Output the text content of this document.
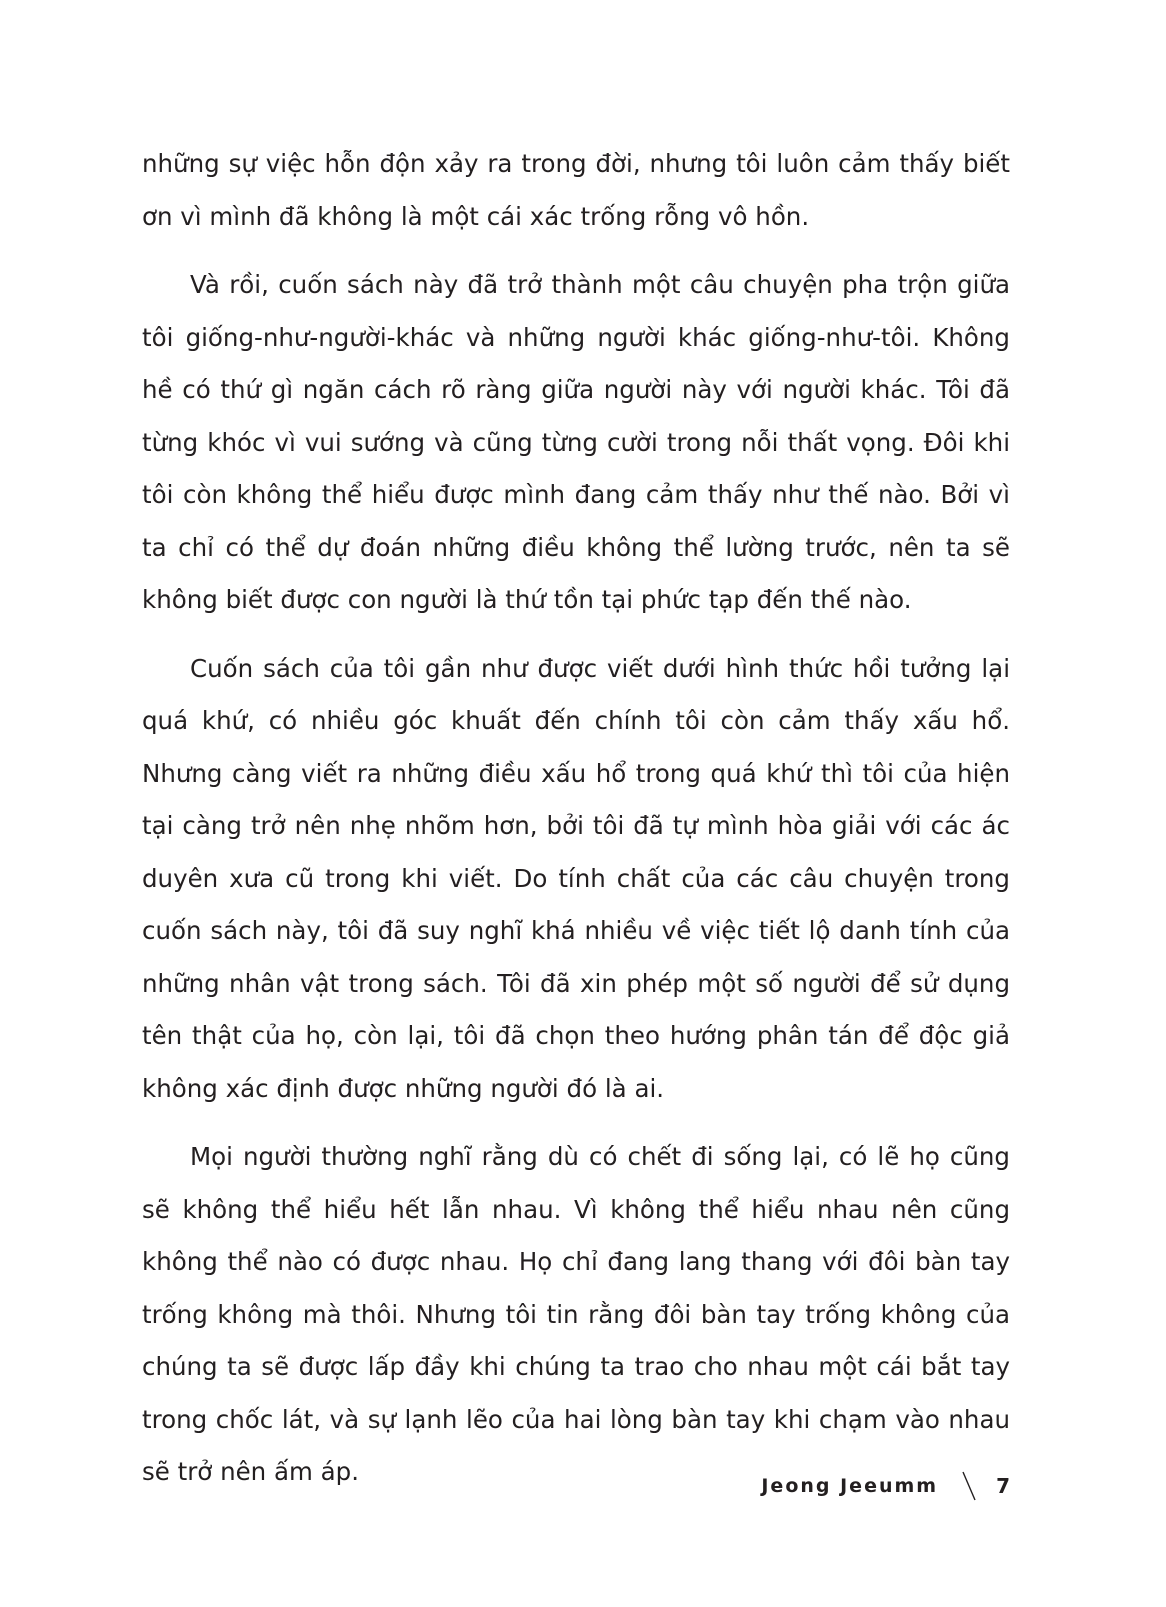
những sự việc hỗn độn xảy ra trong đời, nhưng tôi luôn cảm thấy biết ơn vì mình đã không là một cái xác trống rỗng vô hồn.

Và rồi, cuốn sách này đã trở thành một câu chuyện pha trộn giữa tôi giống-như-người-khác và những người khác giống-như-tôi. Không hề có thứ gì ngăn cách rõ ràng giữa người này với người khác. Tôi đã từng khóc vì vui sướng và cũng từng cười trong nỗi thất vọng. Đôi khi tôi còn không thể hiểu được mình đang cảm thấy như thế nào. Bởi vì ta chỉ có thể dự đoán những điều không thể lường trước, nên ta sẽ không biết được con người là thứ tồn tại phức tạp đến thế nào.

Cuốn sách của tôi gần như được viết dưới hình thức hồi tưởng lại quá khứ, có nhiều góc khuất đến chính tôi còn cảm thấy xấu hổ. Nhưng càng viết ra những điều xấu hổ trong quá khứ thì tôi của hiện tại càng trở nên nhẹ nhõm hơn, bởi tôi đã tự mình hòa giải với các ác duyên xưa cũ trong khi viết. Do tính chất của các câu chuyện trong cuốn sách này, tôi đã suy nghĩ khá nhiều về việc tiết lộ danh tính của những nhân vật trong sách. Tôi đã xin phép một số người để sử dụng tên thật của họ, còn lại, tôi đã chọn theo hướng phân tán để độc giả không xác định được những người đó là ai.

Mọi người thường nghĩ rằng dù có chết đi sống lại, có lẽ họ cũng sẽ không thể hiểu hết lẫn nhau. Vì không thể hiểu nhau nên cũng không thể nào có được nhau. Họ chỉ đang lang thang với đôi bàn tay trống không mà thôi. Nhưng tôi tin rằng đôi bàn tay trống không của chúng ta sẽ được lấp đầy khi chúng ta trao cho nhau một cái bắt tay trong chốc lát, và sự lạnh lẽo của hai lòng bàn tay khi chạm vào nhau sẽ trở nên ấm áp.	Jeong Jeeumm	7
